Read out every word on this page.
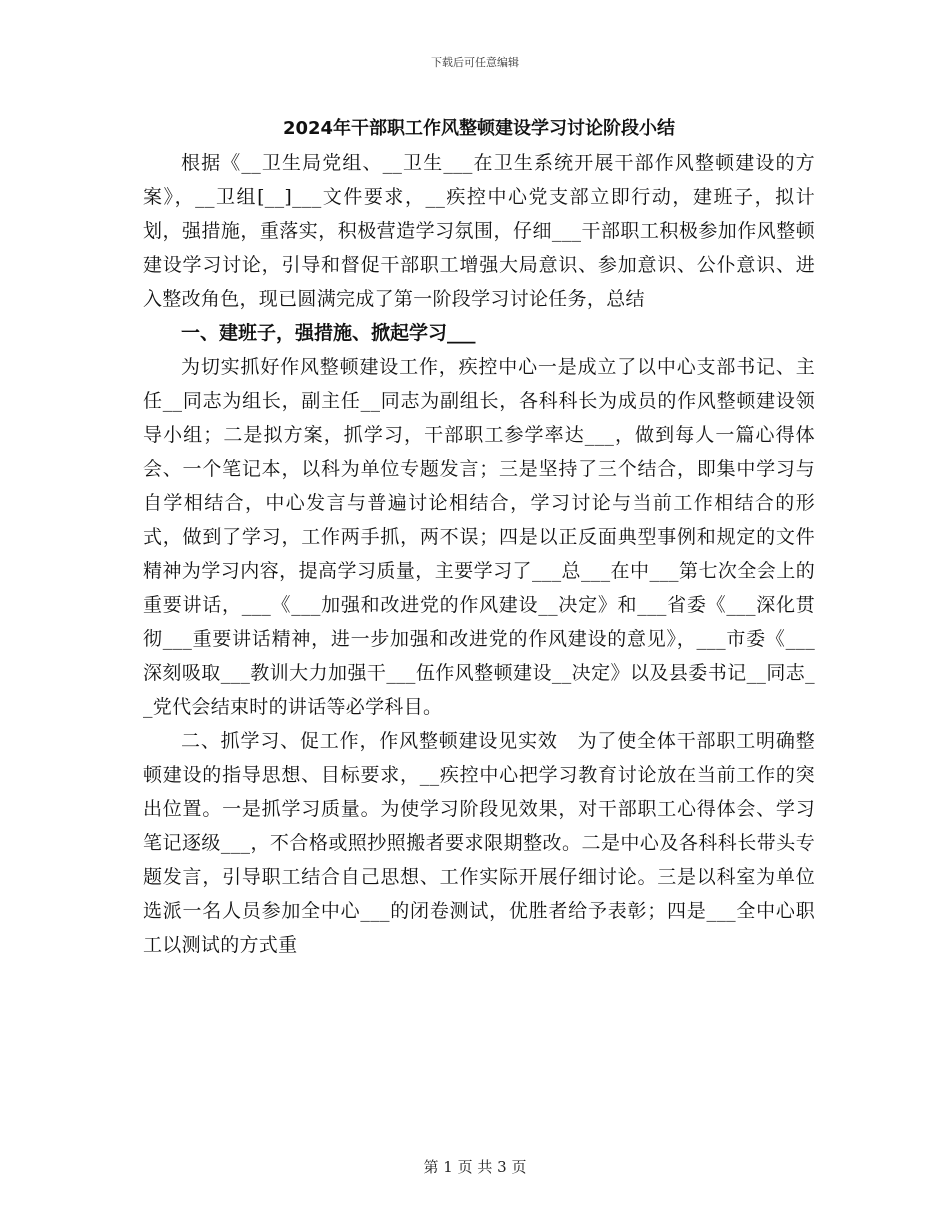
下载后可任意编辑
2024年干部职工作风整顿建设学习讨论阶段小结

根据《__卫生局党组、__卫生___在卫生系统开展干部作风整顿建设的方案》，__卫组[__]___文件要求，__疾控中心党支部立即行动，建班子，拟计划，强措施，重落实，积极营造学习氛围，仔细___干部职工积极参加作风整顿建设学习讨论，引导和督促干部职工增强大局意识、参加意识、公仆意识、进入整改角色，现已圆满完成了第一阶段学习讨论任务，总结

一、建班子，强措施、掀起学习___

为切实抓好作风整顿建设工作，疾控中心一是成立了以中心支部书记、主任__同志为组长，副主任__同志为副组长，各科科长为成员的作风整顿建设领导小组；二是拟方案，抓学习，干部职工参学率达___，做到每人一篇心得体会、一个笔记本，以科为单位专题发言；三是坚持了三个结合，即集中学习与自学相结合，中心发言与普遍讨论相结合，学习讨论与当前工作相结合的形式，做到了学习，工作两手抓，两不误；四是以正反面典型事例和规定的文件精神为学习内容，提高学习质量，主要学习了___总___在中___第七次全会上的重要讲话，___《___加强和改进党的作风建设__决定》和___省委《___深化贯彻___重要讲话精神，进一步加强和改进党的作风建设的意见》，___市委《___深刻吸取___教训大力加强干___伍作风整顿建设__决定》以及县委书记__同志__党代会结束时的讲话等必学科目。

二、抓学习、促工作，作风整顿建设见实效　为了使全体干部职工明确整顿建设的指导思想、目标要求，__疾控中心把学习教育讨论放在当前工作的突出位置。一是抓学习质量。为使学习阶段见效果，对干部职工心得体会、学习笔记逐级___，不合格或照抄照搬者要求限期整改。二是中心及各科科长带头专题发言，引导职工结合自己思想、工作实际开展仔细讨论。三是以科室为单位选派一名人员参加全中心___的闭卷测试，优胜者给予表彰；四是___全中心职工以测试的方式重

第 1 页 共 3 页
